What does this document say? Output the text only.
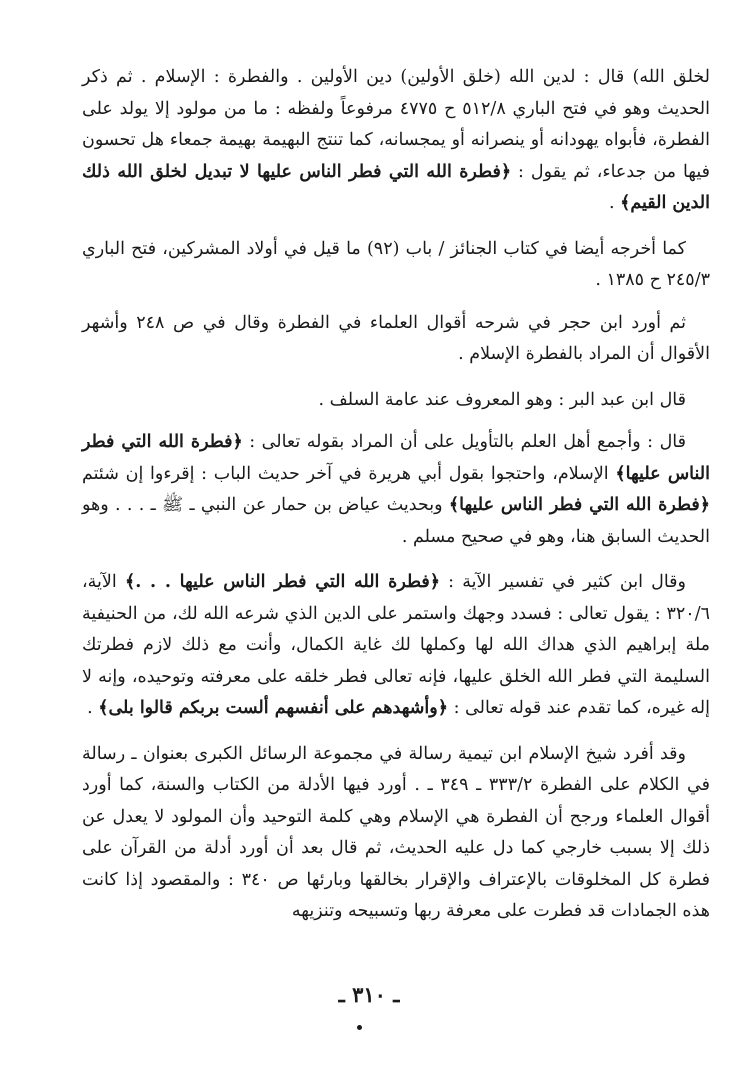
لخلق الله) قال : لدين الله (خلق الأولين) دين الأولين . والفطرة : الإسلام . ثم ذكر الحديث وهو في فتح الباري ٥١٢/٨ ح ٤٧٧٥ مرفوعاً ولفظه : ما من مولود إلا يولد على الفطرة، فأبواه يهودانه أو ينصرانه أو يمجسانه، كما تنتج البهيمة بهيمة جمعاء هل تحسون فيها من جدعاء، ثم يقول : ﴿فطرة الله التي فطر الناس عليها لا تبديل لخلق الله ذلك الدين القيم﴾ .

كما أخرجه أيضا في كتاب الجنائز / باب (٩٢) ما قيل في أولاد المشركين، فتح الباري ٢٤٥/٣ ح ١٣٨٥ .

ثم أورد ابن حجر في شرحه أقوال العلماء في الفطرة وقال في ص ٢٤٨ وأشهر الأقوال أن المراد بالفطرة الإسلام .

قال ابن عبد البر : وهو المعروف عند عامة السلف .

قال : وأجمع أهل العلم بالتأويل على أن المراد بقوله تعالى : ﴿فطرة الله التي فطر الناس عليها﴾ الإسلام، واحتجوا بقول أبي هريرة في آخر حديث الباب : إقرءوا إن شئتم ﴿فطرة الله التي فطر الناس عليها﴾ وبحديث عياض بن حمار عن النبي ـ ﷺ ـ . . . وهو الحديث السابق هنا، وهو في صحيح مسلم .

وقال ابن كثير في تفسير الآية : ﴿فطرة الله التي فطر الناس عليها . . .﴾ الآية، ٣٢٠/٦ : يقول تعالى : فسدد وجهك واستمر على الدين الذي شرعه الله لك، من الحنيفية ملة إبراهيم الذي هداك الله لها وكملها لك غاية الكمال، وأنت مع ذلك لازم فطرتك السليمة التي فطر الله الخلق عليها، فإنه تعالى فطر خلقه على معرفته وتوحيده، وإنه لا إله غيره، كما تقدم عند قوله تعالى : ﴿وأشهدهم على أنفسهم ألست بربكم قالوا بلى﴾ .

وقد أفرد شيخ الإسلام ابن تيمية رسالة في مجموعة الرسائل الكبرى بعنوان ـ رسالة في الكلام على الفطرة ٣٣٣/٢ ـ ٣٤٩ ـ . أورد فيها الأدلة من الكتاب والسنة، كما أورد أقوال العلماء ورجح أن الفطرة هي الإسلام وهي كلمة التوحيد وأن المولود لا يعدل عن ذلك إلا بسبب خارجي كما دل عليه الحديث، ثم قال بعد أن أورد أدلة من القرآن على فطرة كل المخلوقات بالإعتراف والإقرار بخالقها وبارئها ص ٣٤٠ : والمقصود إذا كانت هذه الجمادات قد فطرت على معرفة ربها وتسبيحه وتنزيهه

ـ ٣١٠ ـ
